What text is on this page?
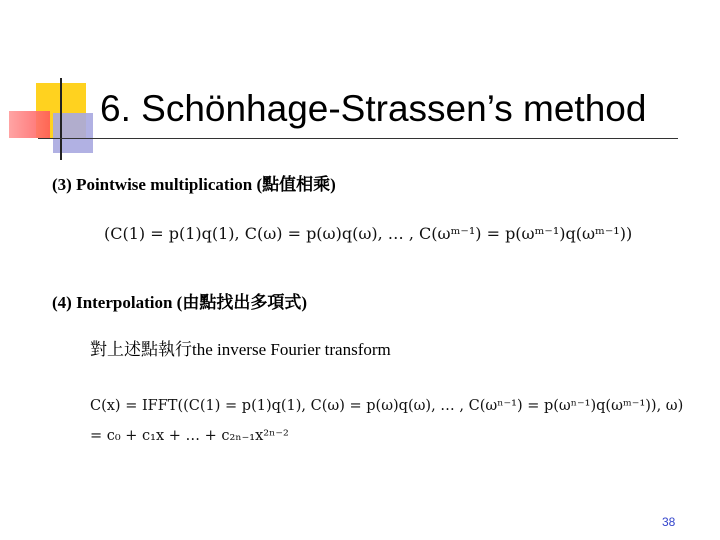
6. Schönhage-Strassen’s method
(3) Pointwise multiplication (點值相乘)
(C(1) = p(1)q(1), C(ω) = p(ω)q(ω), … , C(ωᵐ⁻¹) = p(ωᵐ⁻¹)q(ωᵐ⁻¹))
(4) Interpolation (由點找出多項式)
對上述點執行the inverse Fourier transform
C(x) = IFFT((C(1) = p(1)q(1), C(ω) = p(ω)q(ω), … , C(ωⁿ⁻¹) = p(ωⁿ⁻¹)q(ωᵐ⁻¹)), ω)
= c₀ + c₁x + … + c₂ₙ₋₁x²ⁿ⁻²
38
